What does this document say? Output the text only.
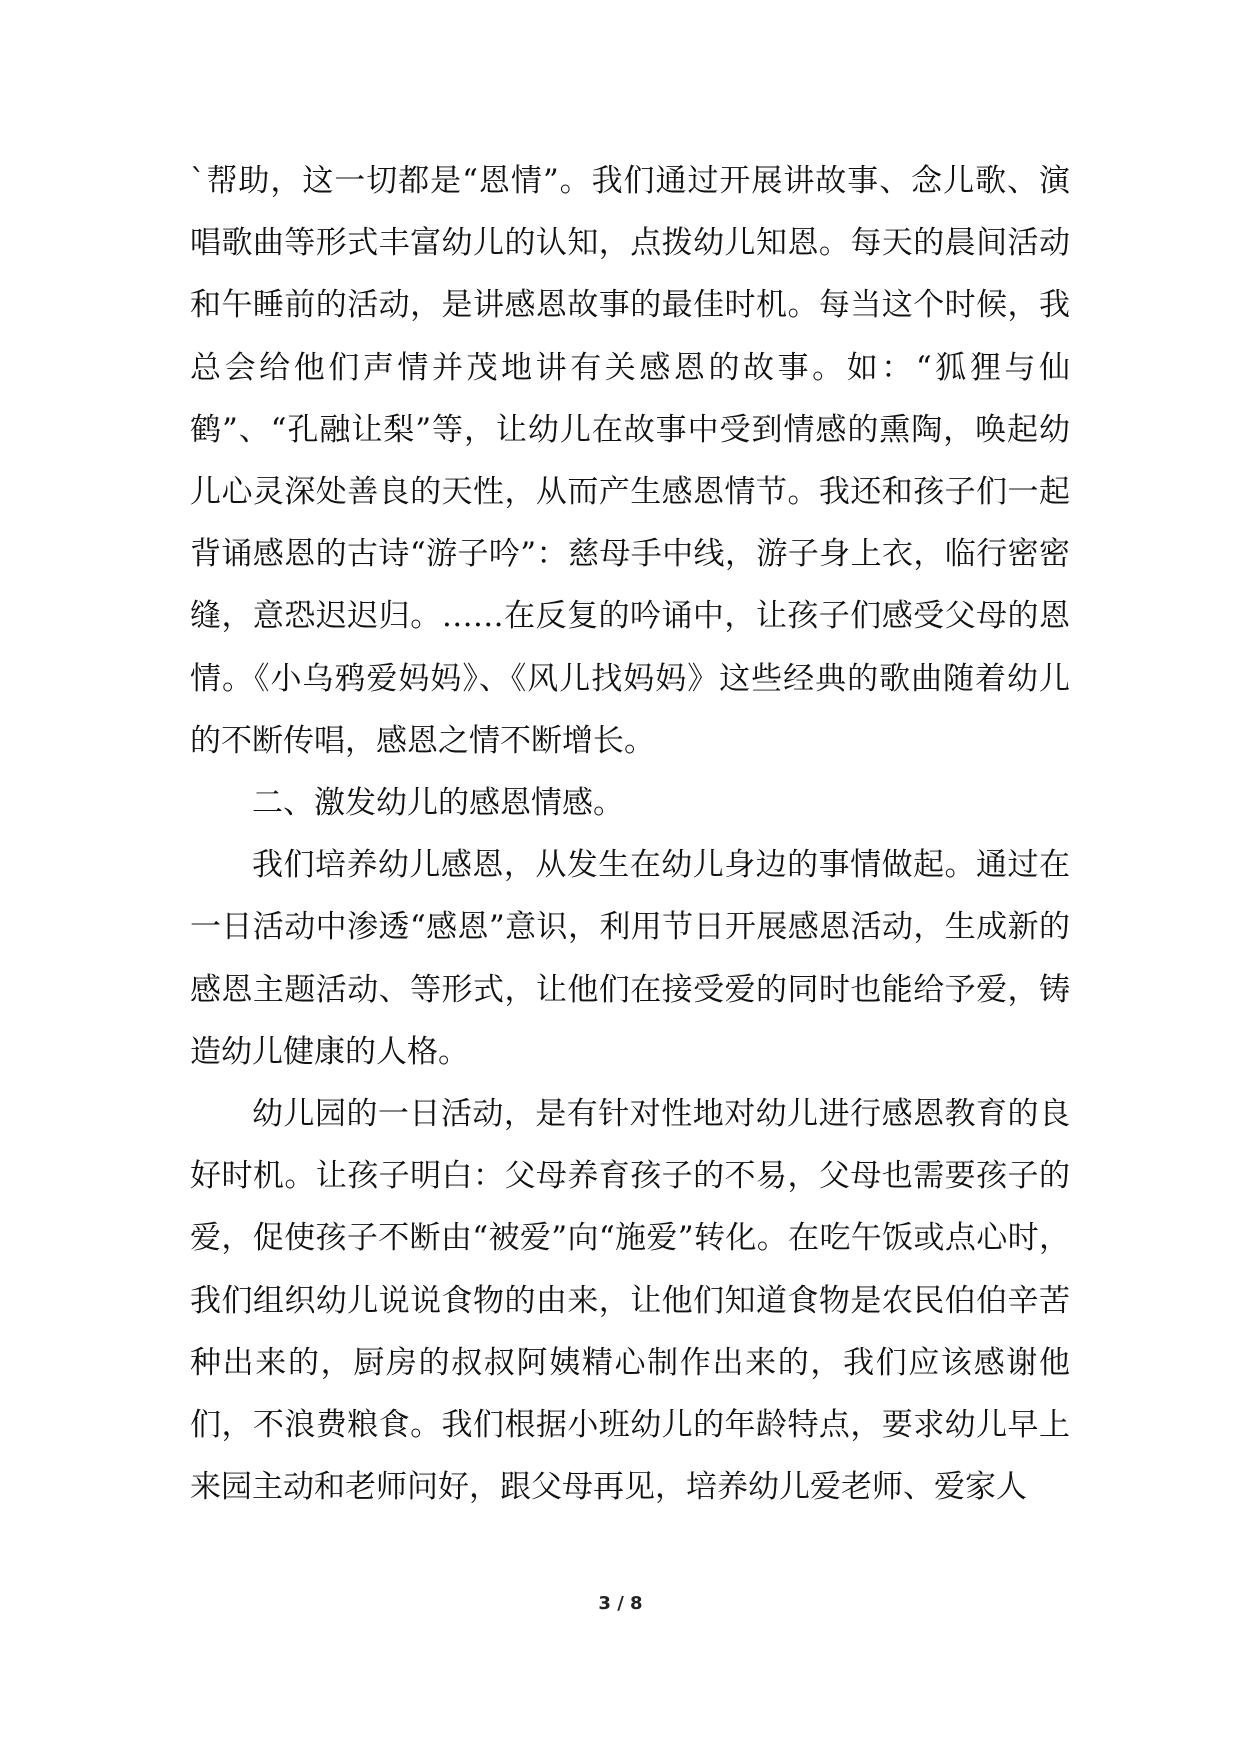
`帮助，这一切都是“恩情”。我们通过开展讲故事、念儿歌、演唱歌曲等形式丰富幼儿的认知，点拨幼儿知恩。每天的晨间活动和午睡前的活动，是讲感恩故事的最佳时机。每当这个时候，我总会给他们声情并茂地讲有关感恩的故事。如：“狐狸与仙鹤”、“孔融让梨”等，让幼儿在故事中受到情感的熏陶，唤起幼儿心灵深处善良的天性，从而产生感恩情节。我还和孩子们一起背诵感恩的古诗“游子吟”：慈母手中线，游子身上衣，临行密密缝，意恐迟迟归。……在反复的吟诵中，让孩子们感受父母的恩情。《小乌鸦爱妈妈》、《风儿找妈妈》这些经典的歌曲随着幼儿的不断传唱，感恩之情不断增长。

二、激发幼儿的感恩情感。

我们培养幼儿感恩，从发生在幼儿身边的事情做起。通过在一日活动中渗透“感恩”意识，利用节日开展感恩活动，生成新的感恩主题活动、等形式，让他们在接受爱的同时也能给予爱，铸造幼儿健康的人格。

幼儿园的一日活动，是有针对性地对幼儿进行感恩教育的良好时机。让孩子明白：父母养育孩子的不易，父母也需要孩子的爱，促使孩子不断由“被爱”向“施爱”转化。在吃午饭或点心时，我们组织幼儿说说食物的由来，让他们知道食物是农民伯伯辛苦种出来的，厨房的叔叔阿姨精心制作出来的，我们应该感谢他们，不浪费粮食。我们根据小班幼儿的年龄特点，要求幼儿早上来园主动和老师问好，跟父母再见，培养幼儿爱老师、爱家人

3 / 8
